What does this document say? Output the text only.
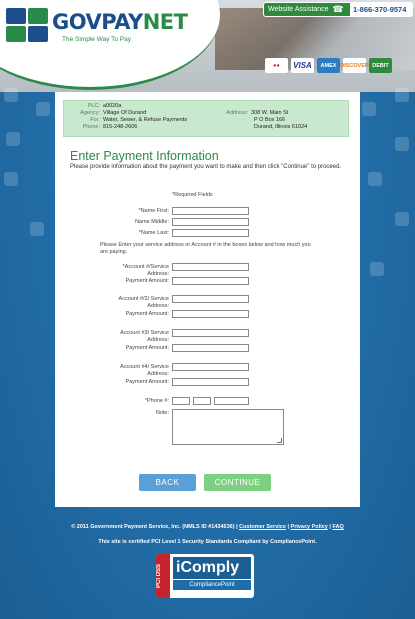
GOVPAYNET
The Simple Way To Pay
Website Assistance ☎	1-866-370-9574
●●	VISA	AMEX DISCOVER DEBIT
PLC: a0020a
Agency: Village Of Durand
For: Water, Sewer, & Refuse Payments
Phone: 815-248-2606
Address: 308 W. Main St
P O Box 166
Durand, Illinois 61024
Enter Payment Information
Please provide information about the payment you want to make and then click "Continue" to proceed.
*Required Fields
*Name First:
Name Middle:
*Name Last:
Please Enter your service address or Account # in the boxes below and how much you are paying.
*Account #/Service Address:
Payment Amount:
Account #/2/ Service Address:
Payment Amount:
Account #3/ Service Address:
Payment Amount:
Account #4/ Service Address:
Payment Amount:
*Phone #:
Note:
BACK	CONTINUE
© 2011 Government Payment Service, Inc. (NMLS ID #1434636) | Customer Service | Privacy Policy | FAQ
This site is certified PCI Level 1 Security Standards Compliant by CompliancePoint.
PCI DSS iComply
CompliancePoint
